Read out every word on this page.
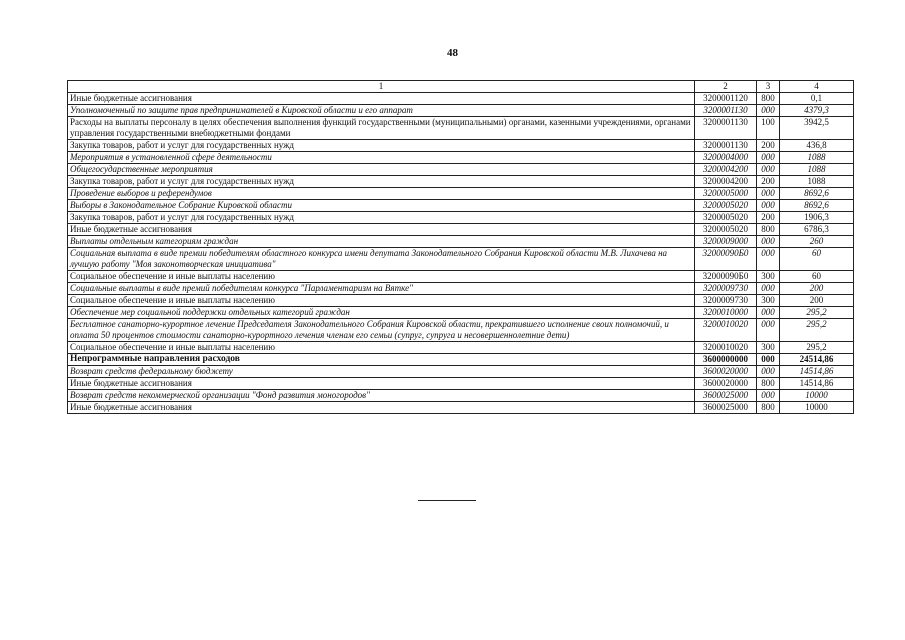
48
1	2	3	4
Иные бюджетные ассигнования	3200001120	800	0,1
Уполномоченный по защите прав предпринимателей в Кировской области и его аппарат	3200001130	000	4379,3
Расходы на выплаты персоналу в целях обеспечения выполнения функций государственными (муниципальными) органами, казенными учреждениями, органами управления государственными внебюджетными фондами	3200001130	100	3942,5
Закупка товаров, работ и услуг для государственных нужд	3200001130	200	436,8
Мероприятия в установленной сфере деятельности	3200004000	000	1088
Общегосударственные мероприятия	3200004200	000	1088
Закупка товаров, работ и услуг для государственных нужд	3200004200	200	1088
Проведение выборов и референдумов	3200005000	000	8692,6
Выборы в Законодательное Собрание Кировской области	3200005020	000	8692,6
Закупка товаров, работ и услуг для государственных нужд	3200005020	200	1906,3
Иные бюджетные ассигнования	3200005020	800	6786,3
Выплаты отдельным категориям граждан	3200009000	000	260
Социальная выплата в виде премии победителям областного конкурса имени депутата Законодательного Собрания Кировской области М.В. Лихачева на лучшую работу "Моя законотворческая инициатива"	32000090Б0	000	60
Социальное обеспечение и иные выплаты населению	32000090Б0	300	60
Социальные выплаты в виде премий победителям конкурса "Парламентаризм на Вятке"	3200009730	000	200
Социальное обеспечение и иные выплаты населению	3200009730	300	200
Обеспечение мер социальной поддержки отдельных категорий граждан	3200010000	000	295,2
Бесплатное санаторно-курортное лечение Председателя Законодательного Собрания Кировской области, прекратившего исполнение своих полномочий, и оплата 50 процентов стоимости санаторно-курортного лечения членам его семьи (супруг, супруга и несовершеннолетние дети)	3200010020	000	295,2
Социальное обеспечение и иные выплаты населению	3200010020	300	295,2
Непрограммные направления расходов	3600000000	000	24514,86
Возврат средств федеральному бюджету	3600020000	000	14514,86
Иные бюджетные ассигнования	3600020000	800	14514,86
Возврат средств некоммерческой организации "Фонд развития моногородов"	3600025000	000	10000
Иные бюджетные ассигнования	3600025000	800	10000
